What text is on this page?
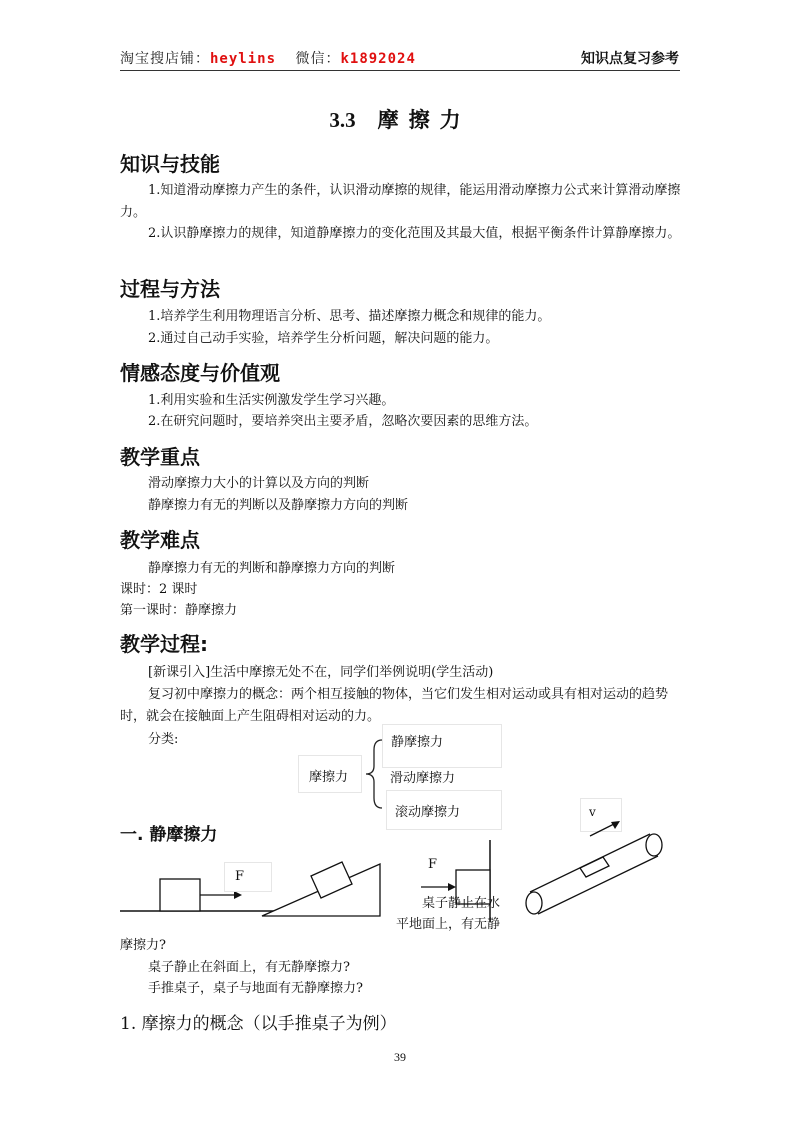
淘宝搜店铺：heylins 微信：k1892024	知识点复习参考
3.3 摩擦力
知识与技能
1.知道滑动摩擦力产生的条件，认识滑动摩擦的规律，能运用滑动摩擦力公式来计算滑动摩擦力。
2.认识静摩擦力的规律，知道静摩擦力的变化范围及其最大值，根据平衡条件计算静摩擦力。
过程与方法
1.培养学生利用物理语言分析、思考、描述摩擦力概念和规律的能力。
2.通过自己动手实验，培养学生分析问题，解决问题的能力。
情感态度与价值观
1.利用实验和生活实例激发学生学习兴趣。
2.在研究问题时，要培养突出主要矛盾，忽略次要因素的思维方法。
教学重点
滑动摩擦力大小的计算以及方向的判断
静摩擦力有无的判断以及静摩擦力方向的判断
教学难点
静摩擦力有无的判断和静摩擦力方向的判断
课时：2 课时
第一课时：静摩擦力
教学过程:
[新课引入]生活中摩擦无处不在，同学们举例说明(学生活动)
复习初中摩擦力的概念：两个相互接触的物体，当它们发生相对运动或具有相对运动的趋势时，就会在接触面上产生阻碍相对运动的力。
分类:	静摩擦力
摩擦力	滑动摩擦力
滚动摩擦力
一. 静摩擦力
F
F
v
桌子静止在水
平地面上，有无静
摩擦力?
桌子静止在斜面上，有无静摩擦力?
手推桌子，桌子与地面有无静摩擦力?
1. 摩擦力的概念（以手推桌子为例）
39
